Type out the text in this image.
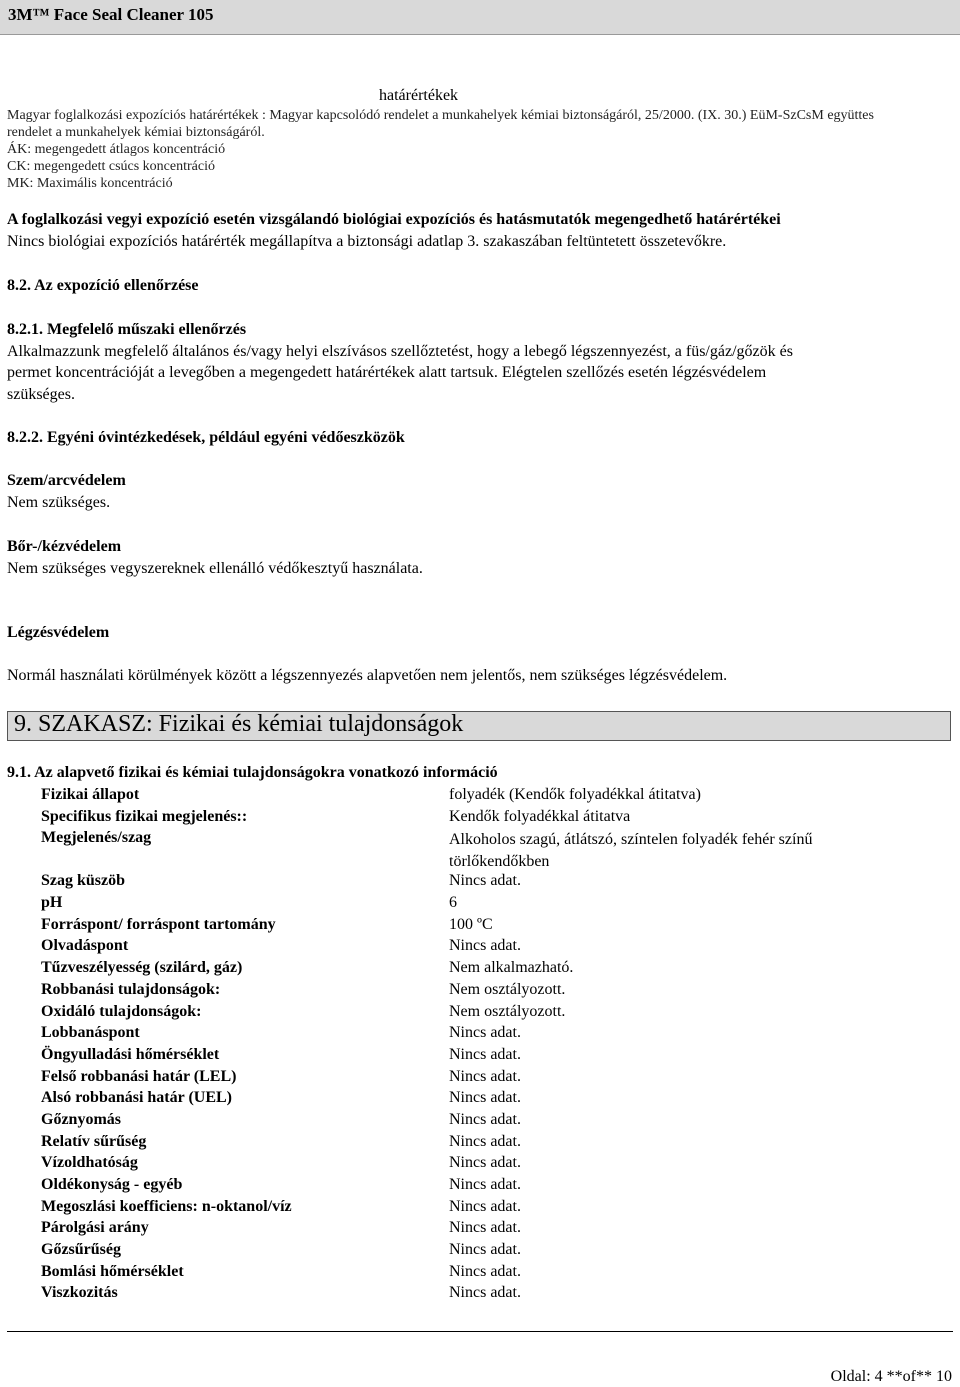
3M™ Face Seal Cleaner 105
határértékek
Magyar foglalkozási expozíciós határértékek : Magyar kapcsolódó rendelet a munkahelyek kémiai biztonságáról, 25/2000. (IX. 30.) EüM-SzCsM együttes
rendelet a munkahelyek kémiai biztonságáról.
ÁK: megengedett átlagos koncentráció
CK: megengedett csúcs koncentráció
MK: Maximális koncentráció
A foglalkozási vegyi expozíció esetén vizsgálandó biológiai expozíciós és hatásmutatók megengedhető határértékei
Nincs biológiai expozíciós határérték megállapítva a biztonsági adatlap 3. szakaszában feltüntetett összetevőkre.
8.2. Az expozíció ellenőrzése
8.2.1. Megfelelő műszaki ellenőrzés
Alkalmazzunk megfelelő általános és/vagy helyi elszívásos szellőztetést, hogy a lebegő légszennyezést, a füs/gáz/gőzök és
permet koncentrációját a levegőben a megengedett határértékek alatt tartsuk. Elégtelen szellőzés esetén légzésvédelem
szükséges.
8.2.2. Egyéni óvintézkedések, például egyéni védőeszközök
Szem/arcvédelem
Nem szükséges.
Bőr-/kézvédelem
Nem szükséges vegyszereknek ellenálló védőkesztyű használata.
Légzésvédelem
Normál használati körülmények között a légszennyezés alapvetően nem jelentős, nem szükséges légzésvédelem.
9. SZAKASZ: Fizikai és kémiai tulajdonságok
9.1. Az alapvető fizikai és kémiai tulajdonságokra vonatkozó információ
Fizikai állapot	folyadék (Kendők folyadékkal átitatva)
Specifikus fizikai megjelenés::	Kendők folyadékkal átitatva
Megjelenés/szag	Alkoholos szagú, átlátszó, színtelen folyadék fehér színű törlőkendőkben
Szag küszöb	Nincs adat.
pH	6
Forráspont/ forráspont tartomány	100 ºC
Olvadáspont	Nincs adat.
Tűzveszélyesség (szilárd, gáz)	Nem alkalmazható.
Robbanási tulajdonságok:	Nem osztályozott.
Oxidáló tulajdonságok:	Nem osztályozott.
Lobbanáspont	Nincs adat.
Öngyulladási hőmérséklet	Nincs adat.
Felső robbanási határ (LEL)	Nincs adat.
Alsó robbanási határ (UEL)	Nincs adat.
Gőznyomás	Nincs adat.
Relatív sűrűség	Nincs adat.
Vízoldhatóság	Nincs adat.
Oldékonyság - egyéb	Nincs adat.
Megoszlási koefficiens: n-oktanol/víz	Nincs adat.
Párolgási arány	Nincs adat.
Gőzsűrűség	Nincs adat.
Bomlási hőmérséklet	Nincs adat.
Viszkozitás	Nincs adat.
Oldal: 4 **of** 10
